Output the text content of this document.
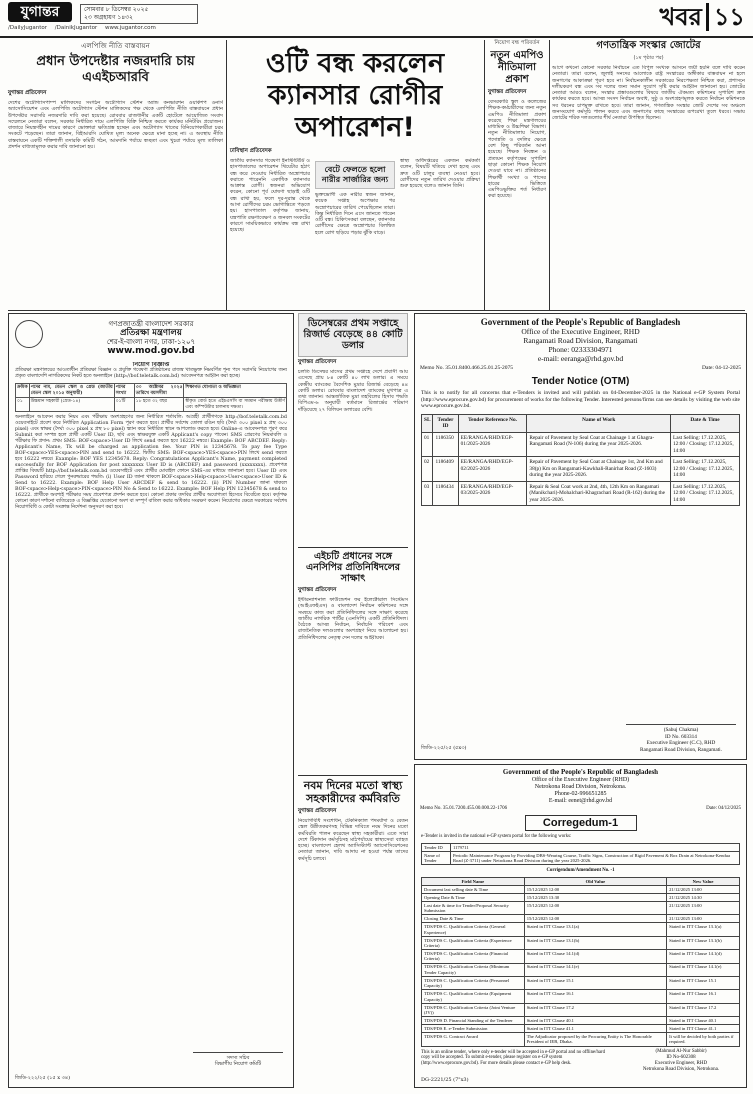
যুগান্তর	সোমবার ৮ ডিসেম্বর ২০২৫
২৩ অগ্রহায়ণ ১৪৩২
/DailyJugantor /DainikJugantor www.jugantor.com	খবর ১১
এলপিজি নীতি বাস্তবায়ন
প্রধান উপদেষ্টার নজরদারি চায় এএইচআরবি
যুগান্তর প্রতিবেদন
দেশের অটোগ্যাসপাম্প মালিকদের সংগঠন অটোগ্যাস স্টেশন অ্যান্ড কনভারশন ওয়ার্কশপ ওনার্স অ্যাসোসিয়েশন এবং এলপিজি অটোগ্যাস স্টেশন মালিকদের পক্ষ থেকে এলপিজি নীতি বাস্তবায়নে প্রধান উপদেষ্টার সরাসরি নজরদারি দাবি করা হয়েছে। রোববার রাজধানীর একটি হোটেলে আয়োজিত সংবাদ সম্মেলনে নেতারা বলেন, সরকার নির্ধারিত দামে এলপিজি বিক্রি নিশ্চিত করতে কার্যকর মনিটরিং প্রয়োজন। বাজারে নিয়ন্ত্রণহীন দামের কারণে ভোক্তারা ক্ষতিগ্রস্ত হচ্ছেন এবং অটোগ্যাস খাতের বিনিয়োগকারীরা চরম সংকটে পড়েছেন। তারা জানান, বিইআরসি ঘোষিত মূল্য অনেক ক্ষেত্রে মানা হচ্ছে না। এ অবস্থায় নীতি বাস্তবায়নে একটি শক্তিশালী তদারকি কমিটি গঠন, আমদানি পর্যায়ে স্বচ্ছতা এবং খুচরা পর্যায়ে মূল্য তালিকা প্রদর্শন বাধ্যতামূলক করার দাবি জানানো হয়।
ওটি বন্ধ করলেন ক্যানসার রোগীর অপারেশন!
ঢাবিস্থান প্রতিবেদক
জাতীয় ক্যানসার গবেষণা ইনস্টিটিউট ও হাসপাতালের অপারেশন থিয়েটার হঠাৎ বন্ধ করে দেওয়ায় নির্ধারিত অস্ত্রোপচার করাতে পারেননি একাধিক ক্যানসার আক্রান্ত রোগী। স্বজনরা অভিযোগ করেন, কোনো পূর্ব ঘোষণা ছাড়াই ওটি বন্ধ রাখা হয়, ফলে দূর-দূরান্ত থেকে আসা রোগীদের চরম ভোগান্তিতে পড়তে হয়। হাসপাতাল কর্তৃপক্ষ জানায়, যন্ত্রপাতি রক্ষণাবেক্ষণ ও জনবল সংকটের কারণে সাময়িকভাবে কার্যক্রম বন্ধ রাখা হয়েছে।
বেটে ফেলতে হলো নারীর সার্জারির জন্য
ভুক্তভোগী এক নারীর স্বজন জানান, কয়েক সপ্তাহ অপেক্ষার পর অস্ত্রোপচারের তারিখ পেয়েছিলেন তারা। কিন্তু নির্ধারিত দিনে এসে জানতে পারেন ওটি বন্ধ। চিকিৎসকরা বলছেন, ক্যানসার রোগীদের ক্ষেত্রে অস্ত্রোপচার বিলম্বিত হলে রোগ ছড়িয়ে পড়ার ঝুঁকি বাড়ে।
স্বাস্থ্য অধিদপ্তরের একজন কর্মকর্তা বলেন, বিষয়টি খতিয়ে দেখা হচ্ছে এবং দ্রুত ওটি চালুর ব্যবস্থা নেওয়া হবে। রোগীদের নতুন তারিখ দেওয়ার প্রক্রিয়া শুরু হয়েছে বলেও জানান তিনি।
নিয়োগ বন্ধ পরিবর্তন
নতুন এমপিও নীতিমালা প্রকাশ
যুগান্তর প্রতিবেদন
বেসরকারি স্কুল ও কলেজের শিক্ষক-কর্মচারীদের জন্য নতুন এমপিও নীতিমালা প্রকাশ করেছে শিক্ষা মন্ত্রণালয়ের মাধ্যমিক ও উচ্চশিক্ষা বিভাগ। নতুন নীতিমালায় নিয়োগ, পদোন্নতি ও বদলির ক্ষেত্রে বেশ কিছু পরিবর্তন আনা হয়েছে। শিক্ষক নিবন্ধন ও প্রত্যয়ন কর্তৃপক্ষের সুপারিশ ছাড়া কোনো শিক্ষক নিয়োগ দেওয়া যাবে না। প্রতিষ্ঠানের শিক্ষার্থী সংখ্যা ও পাসের হারের ভিত্তিতে এমপিওভুক্তির শর্ত নির্ধারণ করা হয়েছে।
গণতান্ত্রিক সংস্কার জোটের
(১ম পৃষ্ঠার পর)
আগে কখনো কোনো সরকার নির্বাচনে এত বিপুল সংখ্যক আসনে জয়ী হয়নি বলে দাবি করেন নেতারা। তারা বলেন, জুলাই সনদের আলোকে রাষ্ট্র সংস্কারের অঙ্গীকার বাস্তবায়ন না হলে জনগণের আকাঙ্ক্ষা পূরণ হবে না। নির্বাচনকালীন সরকারের নিরপেক্ষতা নিশ্চিত করা, প্রশাসনে দলীয়করণ বন্ধ এবং সব দলের জন্য সমান সুযোগ সৃষ্টি করার আহ্বান জানানো হয়। জোটের নেতারা আরও বলেন, সংস্কার প্রস্তাবগুলোর বিষয়ে জাতীয় ঐকমত্য কমিশনের সুপারিশ দ্রুত কার্যকর করতে হবে। আসন্ন সংসদ নির্বাচন অবাধ, সুষ্ঠু ও অংশগ্রহণমূলক করতে নির্বাচন কমিশনকে সব ধরনের চাপমুক্ত রাখতে হবে। তারা জানান, গণতান্ত্রিক সংস্কার জোট দেশের সব অঞ্চলে জনসংযোগ কর্মসূচি পালন করবে এবং জনগণের কাছে সংস্কারের রূপরেখা তুলে ধরবে। সভায় জোটের শরিক দলগুলোর শীর্ষ নেতারা উপস্থিত ছিলেন।
গণপ্রজাতন্ত্রী বাংলাদেশ সরকার
প্রতিরক্ষা মন্ত্রণালয়
শের-ই-বাংলা নগর, ঢাকা-১২০৭
www.mod.gov.bd
নিয়োগ বিজ্ঞপ্তি
প্রতিরক্ষা মন্ত্রণালয়ের আওতাধীন প্রতিরক্ষা বিজ্ঞান ও প্রযুক্তি গবেষণা প্রতিষ্ঠানের রাজস্ব খাতভুক্ত নিম্নবর্ণিত শূন্য পদে সরাসরি নিয়োগের জন্য প্রকৃত বাংলাদেশি নাগরিকদের নিকট হতে অনলাইনে (http://bof.teletalk.com.bd) আবেদনপত্র আহ্বান করা হচ্ছে।
ক্রমিক	পদের নাম, বেতন স্কেল ও গ্রেড (জাতীয় বেতন স্কেল ২০১৫ অনুযায়ী)	পদের সংখ্যা	৩০ অক্টোবর ২০২৫ তারিখে বয়সসীমা	শিক্ষাগত যোগ্যতা ও অভিজ্ঞতা
০১	উচ্চমান সহকারী (গ্রেড-১৪)	০১টি	১৮ হতে ৩২ বছর	স্বীকৃত বোর্ড হতে এইচএসসি বা সমমান পরীক্ষায় উত্তীর্ণ এবং কম্পিউটার চালনায় দক্ষতা।
অনলাইনে আবেদন করার নিয়ম এবং পরীক্ষায় অংশগ্রহণের জন্য নির্ধারিত শর্তাবলি: আগ্রহী প্রার্থীগণকে http://bof.teletalk.com.bd ওয়েবসাইটে প্রবেশ করে নির্ধারিত Application Form পূরণ করতে হবে। প্রার্থীর সর্বশেষ তোলা রঙিন ছবি (দৈর্ঘ্য ৩০০ pixel x প্রস্থ ৩০০ pixel) এবং স্বাক্ষর (দৈর্ঘ্য ৩০০ pixel x প্রস্থ ৮০ pixel) স্ক্যান করে নির্ধারিত স্থানে আপলোড করতে হবে। Online-এ আবেদনপত্র পূরণ করে Submit করা সম্পন্ন হলে প্রার্থী একটি User ID, ছবি এবং স্বাক্ষরযুক্ত একটি Applicant's copy পাবেন। SMS প্রেরণের নিয়মাবলি ও পরীক্ষার ফি প্রদান: প্রথম SMS: BOF<space>User ID লিখে send করতে হবে 16222 নম্বরে। Example: BOF ABCDEF. Reply: Applicant's Name, Tk will be charged as application fee. Your PIN is 12345678. To pay fee Type BOF<space>YES<space>PIN and send to 16222. দ্বিতীয় SMS: BOF<space>YES<space>PIN লিখে send করতে হবে 16222 নম্বরে। Example: BOF YES 12345678. Reply: Congratulations Applicant's Name, payment completed successfully for BOF Application for post xxxxxxxx User ID is (ABCDEF) and password (xxxxxxxx). প্রবেশপত্র প্রাপ্তির বিষয়টি http://bof.teletalk.com.bd ওয়েবসাইটে এবং প্রার্থীর মোবাইল ফোনে SMS-এর মাধ্যমে জানানো হবে। User ID এবং Password হারিয়ে গেলে পুনরুদ্ধারের পদ্ধতি: (i) User ID জানা থাকলে BOF<space>Help<space>User<space>User ID & Send to 16222. Example: BOF Help User ABCDEF & send to 16222. (ii) PIN Number জানা থাকলে BOF<space>Help<space>PIN<space>PIN No & Send to 16222. Example: BOF Help PIN 12345678 & send to 16222. প্রার্থীকে অবশ্যই পরীক্ষার সময় প্রবেশপত্র প্রদর্শন করতে হবে। কোনো প্রকার তদবির প্রার্থীর অযোগ্যতা হিসেবে বিবেচিত হবে। কর্তৃপক্ষ কোনো কারণ দর্শানো ব্যতিরেকে এ বিজ্ঞপ্তির যেকোনো অংশ বা সম্পূর্ণ বাতিল করার অধিকার সংরক্ষণ করেন। নিয়োগের ক্ষেত্রে সরকারের সর্বশেষ নিয়োগবিধি ও কোটা সংক্রান্ত নির্দেশনা অনুসরণ করা হবে।
সদস্য সচিব
বিভাগীয় নিয়োগ কমিটি
জিডি-২২২/২৫ (১৫ x ৩৪)
ডিসেম্বরের প্রথম সপ্তাহে রিজার্ভ বেড়েছে ৪৪ কোটি ডলার
যুগান্তর প্রতিবেদন
চলতি ডিসেম্বর মাসের প্রথম সপ্তাহে দেশে প্রবাসী আয় এসেছে প্রায় ৮৪ কোটি ৪০ লাখ ডলার। এ সময়ে কেন্দ্রীয় ব্যাংকের বৈদেশিক মুদ্রার রিজার্ভ বেড়েছে ৪৪ কোটি ডলার। রোববার বাংলাদেশ ব্যাংকের মুখপাত্র এ তথ্য জানান। আন্তর্জাতিক মুদ্রা তহবিলের হিসাব পদ্ধতি বিপিএম-৬ অনুযায়ী বর্তমানে রিজার্ভের পরিমাণ দাঁড়িয়েছে ২৭ বিলিয়ন ডলারের বেশি।
এইচটি প্রধানের সঙ্গে এনসিপির প্রতিনিধিদলের সাক্ষাৎ
যুগান্তর প্রতিবেদন
ইন্টারন্যাশনাল ফাউন্ডেশন ফর ইলেক্টোরাল সিস্টেমস (আইএফইএস) ও বাংলাদেশ নির্বাচন কমিশনের সঙ্গে সমন্বয়ে কাজ করা প্রতিনিধিদলের সঙ্গে সাক্ষাৎ করেছে জাতীয় নাগরিক পার্টির (এনসিপি) একটি প্রতিনিধিদল। বৈঠকে আসন্ন নির্বাচন, নির্বাচনি পরিবেশ এবং রাজনৈতিক দলগুলোর অংশগ্রহণ নিয়ে আলোচনা হয়। প্রতিনিধিদলের নেতৃত্ব দেন দলের আহ্বায়ক।
নবম দিনের মতো স্বাস্থ্য সহকারীদের কর্মবিরতি
যুগান্তর প্রতিবেদন
নিয়োগবিধি সংশোধন, টেকনিক্যাল পদমর্যাদা ও বেতন স্কেল উন্নীতকরণসহ বিভিন্ন দাবিতে নবম দিনের মতো কর্মবিরতি পালন করেছেন স্বাস্থ্য সহকারীরা। এতে সারা দেশে টিকাদান কর্মসূচিসহ মাঠপর্যায়ের স্বাস্থ্যসেবা ব্যাহত হচ্ছে। বাংলাদেশ হেলথ অ্যাসিস্ট্যান্ট অ্যাসোসিয়েশনের নেতারা জানান, দাবি আদায় না হওয়া পর্যন্ত তাদের কর্মসূচি চলবে।
Government of the People's Republic of Bangladesh
Office of the Executive Engineer, RHD
Rangamati Road Division, Rangamati
Phone: 02333304971
e-mail: eeranga@rhd.gov.bd
Memo No. 35.01.8400.466.25.01.25-2075	Date: 04-12-2025
Tender Notice (OTM)
This is to notify for all concerns that e-Tenders is invited and will publish on 04-December-2025 in the National e-GP System Portal (http://www.eprocure.gov.bd) for procurement of works for the following Tender. Interested persons/firms can see details by visiting the web site www.eprocure.gov.bd.
SL	Tender ID	Tender Reference No.	Name of Work	Date & Time
01	1186350	EE/RANGA/RHD/EGP-01/2025-2026	Repair of Pavement by Seal Coat at Chainage 1 at Ghagra-Rangamati Road (N-106) during the year 2025-2026.	Last Selling: 17.12.2025, 12:00 / Closing: 17.12.2025, 14:00
02	1186409	EE/RANGA/RHD/EGP-02/2025-2026	Repair of Pavement by Seal Coat at Chainage 1st, 2nd Km and 38(p) Km on Rangamati-Kawkhali-Ranirhat Road (Z-1603) during the year 2025-2026.	Last Selling: 17.12.2025, 12:00 / Closing: 17.12.2025, 14:00
03	1186434	EE/RANGA/RHD/EGP-03/2025-2026	Repair & Seal Coat work at 2nd, 4th, 12th Km on Rangamati (Manikchari)-Mohalchari-Khagrachari Road (R-162) during the year 2025-2026.	Last Selling: 17.12.2025, 12:00 / Closing: 17.12.2025, 14:00
(Sabuj Chakma)
ID No. 603314
Executive Engineer (C.C), RHD
Rangamati Road Division, Rangamati.
জিডি-২২৫/২৫ (৫x৩)
Government of the People's Republic of Bangladesh
Office of the Executive Engineer (RHD)
Netrokona Road Division, Netrokona.
Phone-02-996651285
E-mail: eenet@rhd.gov.bd
Memo No. 35.01.7200.455.00.000.22-1706	Date: 04/12/2025
Corregedum-1
e-Tender is invited in the national e-GP system portal for the following works:
Tender ID	1179711
Name of Tender	Periodic Maintenance Program by Providing DBS-Wearing Course, Traffic Signs, Construction of Rigid Pavement & Box Drain at Netrokona-Kendua Road (Z-3711) under Netrokona Road Division during the year 2025-2026.
Corrigendum/Amendment No. -1
Field Name	Old Value	New Value
Document last selling date & Time	15/12/2025 12:00	21/12/2025 13:00
Opening Date & Time	15/12/2025 13:30	21/12/2025 14:30
Last date & time for Tender/Proposal Security Submission	15/12/2025 12:00	21/12/2025 13:00
Closing Date & Time	15/12/2025 12:00	21/12/2025 13:00
TDS/PDS C. Qualification Criteria (General Experience)	Stated in ITT Clause 13.1(a)	Stated in ITT Clause 13.1(a)
TDS/PDS C. Qualification Criteria (Experience Criteria)	Stated in ITT Clause 13.1(b)	Stated in ITT Clause 13.1(b)
TDS/PDS C. Qualification Criteria (Financial Criteria)	Stated in ITT Clause 14.1(d)	Stated in ITT Clause 14.1(d)
TDS/PDS C. Qualification Criteria (Minimum Tender Capacity)	Stated in ITT Clause 14.1(e)	Stated in ITT Clause 14.1(e)
TDS/PDS C. Qualification Criteria (Personnel Capacity)	Stated in ITT Clause 15.1	Stated in ITT Clause 15.1
TDS/PDS C. Qualification Criteria (Equipment Capacity)	Stated in ITT Clause 16.1	Stated in ITT Clause 16.1
TDS/PDS C. Qualification Criteria (Joint Venture (JV))	Stated in ITT Clause 17.2	Stated in ITT Clause 17.2
TDS/PDS D. Financial Standing of the Tenderer	Stated in ITT Clause 40.1	Stated in ITT Clause 40.1
TDS/PDS E. e-Tender Submission	Stated in ITT Clause 41.1	Stated in ITT Clause 41.1
TDS/PDS G. Contract Award	The Adjudicator proposed by the Procuring Entity is The Honorable President of IEB, Dhaka.	It will be decided by both parties if required.
This is an online tender, where only e-tender will be accepted in e-GP portal and no offline/hard copy will be accepted. To submit e-tender, please register on e-GP system (http://www.eprocure.gov.bd). For more details please contact e-GP help desk.
(Mahmud Al-Nur Sabbir)
ID No-602308
Executive Engineer, RHD
Netrokona Road Division, Netrokona.
DG-2221/25 (7"x3)
